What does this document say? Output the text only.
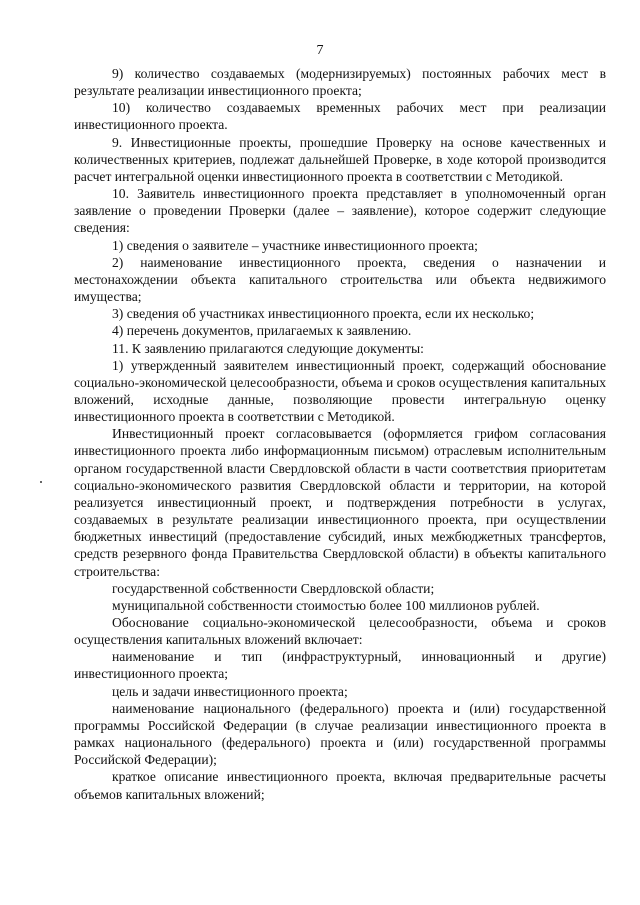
7

9) количество создаваемых (модернизируемых) постоянных рабочих мест в результате реализации инвестиционного проекта;

10) количество создаваемых временных рабочих мест при реализации инвестиционного проекта.

9. Инвестиционные проекты, прошедшие Проверку на основе качественных и количественных критериев, подлежат дальнейшей Проверке, в ходе которой производится расчет интегральной оценки инвестиционного проекта в соответствии с Методикой.

10. Заявитель инвестиционного проекта представляет в уполномоченный орган заявление о проведении Проверки (далее – заявление), которое содержит следующие сведения:

1) сведения о заявителе – участнике инвестиционного проекта;

2) наименование инвестиционного проекта, сведения о назначении и местонахождении объекта капитального строительства или объекта недвижимого имущества;

3) сведения об участниках инвестиционного проекта, если их несколько;

4) перечень документов, прилагаемых к заявлению.

11. К заявлению прилагаются следующие документы:

1) утвержденный заявителем инвестиционный проект, содержащий обоснование социально-экономической целесообразности, объема и сроков осуществления капитальных вложений, исходные данные, позволяющие провести интегральную оценку инвестиционного проекта в соответствии с Методикой.

Инвестиционный проект согласовывается (оформляется грифом согласования инвестиционного проекта либо информационным письмом) отраслевым исполнительным органом государственной власти Свердловской области в части соответствия приоритетам социально-экономического развития Свердловской области и территории, на которой реализуется инвестиционный проект, и подтверждения потребности в услугах, создаваемых в результате реализации инвестиционного проекта, при осуществлении бюджетных инвестиций (предоставление субсидий, иных межбюджетных трансфертов, средств резервного фонда Правительства Свердловской области) в объекты капитального строительства:

государственной собственности Свердловской области;

муниципальной собственности стоимостью более 100 миллионов рублей.

Обоснование социально-экономической целесообразности, объема и сроков осуществления капитальных вложений включает:

наименование и тип (инфраструктурный, инновационный и другие) инвестиционного проекта;

цель и задачи инвестиционного проекта;

наименование национального (федерального) проекта и (или) государственной программы Российской Федерации (в случае реализации инвестиционного проекта в рамках национального (федерального) проекта и (или) государственной программы Российской Федерации);

краткое описание инвестиционного проекта, включая предварительные расчеты объемов капитальных вложений;
